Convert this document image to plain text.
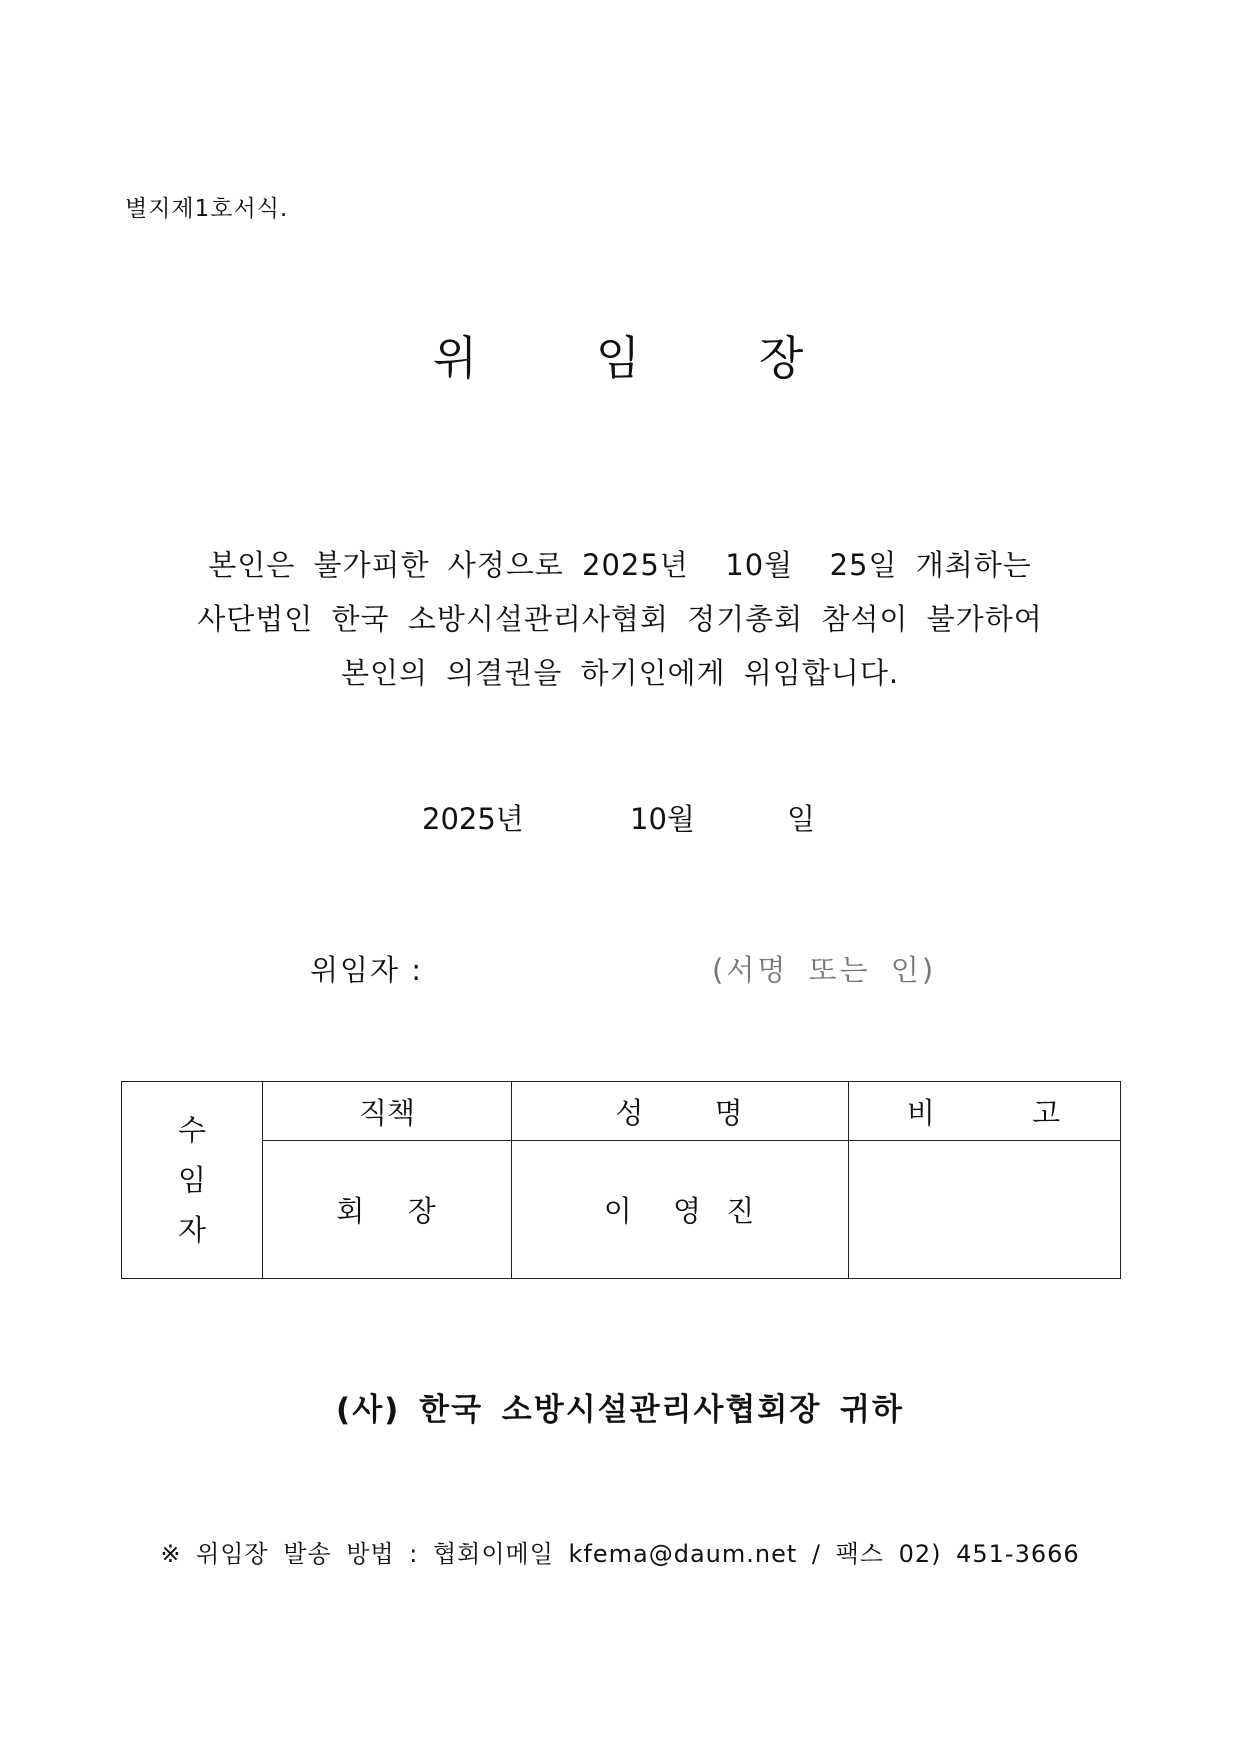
별지제1호서식.
위 임 장
본인은 불가피한 사정으로 2025년  10월  25일 개최하는
사단법인 한국 소방시설관리사협회 정기총회 참석이 불가하여
본인의 의결권을 하기인에게 위임합니다.
2025년	10월	일
위임자 :	(서명 또는 인)
수
임
자	직책	성 명	비 고
	회 장	이 영 진	
(사) 한국 소방시설관리사협회장 귀하
※ 위임장 발송 방법 : 협회이메일 kfema@daum.net / 팩스 02) 451-3666
